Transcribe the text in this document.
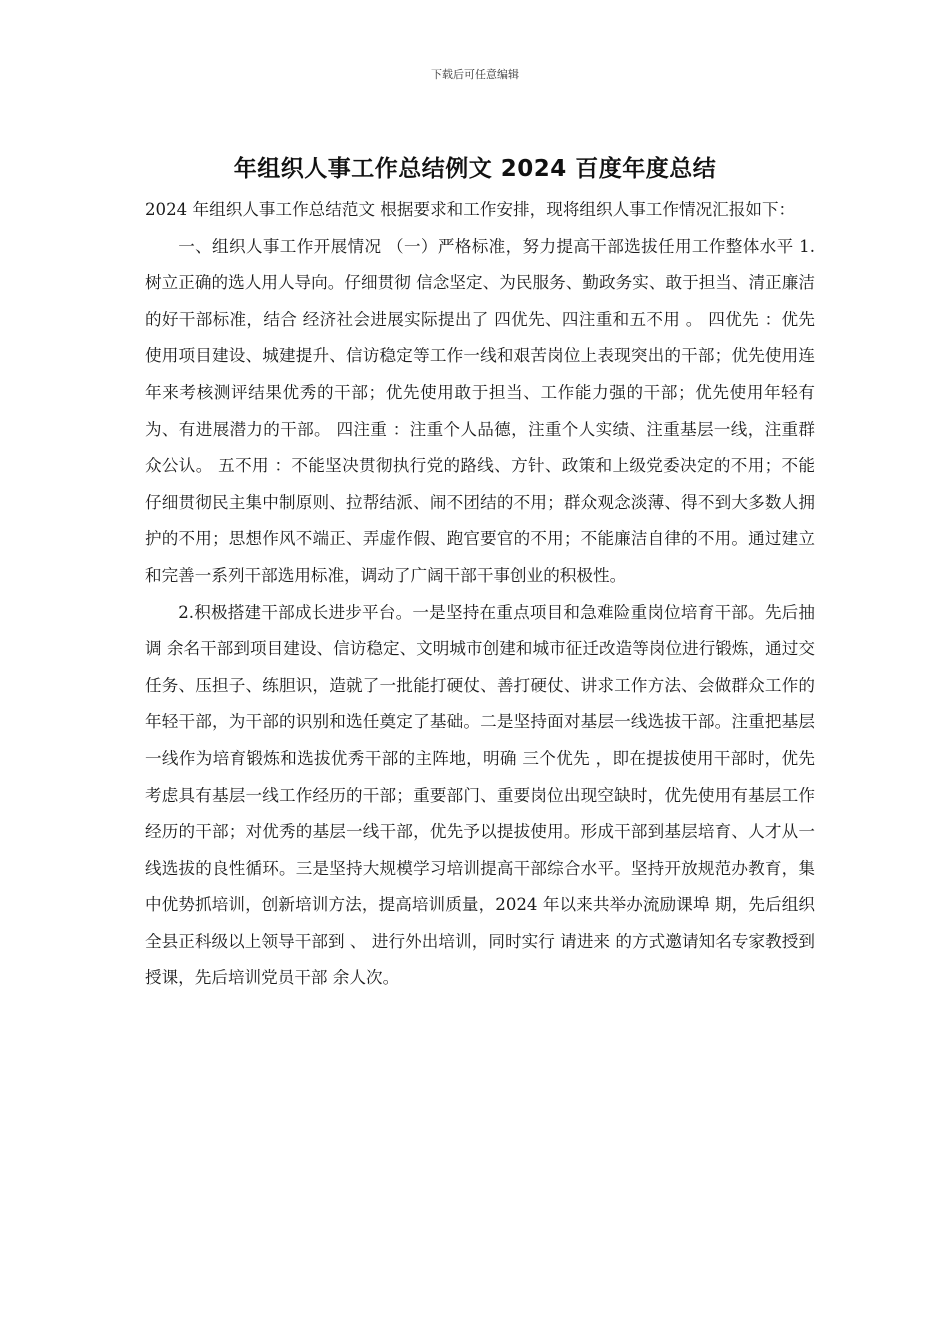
下载后可任意编辑
年组织人事工作总结例文 2024 百度年度总结

2024 年组织人事工作总结范文 根据要求和工作安排，现将组织人事工作情况汇报如下：

一、组织人事工作开展情况 （一）严格标准，努力提高干部选拔任用工作整体水平 1.树立正确的选人用人导向。仔细贯彻 信念坚定、为民服务、勤政务实、敢于担当、清正廉洁 的好干部标准，结合 经济社会进展实际提出了 四优先、四注重和五不用 。 四优先 ：优先使用项目建设、城建提升、信访稳定等工作一线和艰苦岗位上表现突出的干部；优先使用连年来考核测评结果优秀的干部；优先使用敢于担当、工作能力强的干部；优先使用年轻有为、有进展潜力的干部。 四注重 ：注重个人品德，注重个人实绩、注重基层一线，注重群众公认。 五不用 ：不能坚决贯彻执行党的路线、方针、政策和上级党委决定的不用；不能仔细贯彻民主集中制原则、拉帮结派、闹不团结的不用；群众观念淡薄、得不到大多数人拥护的不用；思想作风不端正、弄虚作假、跑官要官的不用；不能廉洁自律的不用。通过建立和完善一系列干部选用标准，调动了广阔干部干事创业的积极性。

2.积极搭建干部成长进步平台。一是坚持在重点项目和急难险重岗位培育干部。先后抽调 余名干部到项目建设、信访稳定、文明城市创建和城市征迁改造等岗位进行锻炼，通过交任务、压担子、练胆识，造就了一批能打硬仗、善打硬仗、讲求工作方法、会做群众工作的年轻干部，为干部的识别和选任奠定了基础。二是坚持面对基层一线选拔干部。注重把基层一线作为培育锻炼和选拔优秀干部的主阵地，明确 三个优先 ，即在提拔使用干部时，优先考虑具有基层一线工作经历的干部；重要部门、重要岗位出现空缺时，优先使用有基层工作经历的干部；对优秀的基层一线干部，优先予以提拔使用。形成干部到基层培育、人才从一线选拔的良性循环。三是坚持大规模学习培训提高干部综合水平。坚持开放规范办教育，集中优势抓培训，创新培训方法，提高培训质量，2024 年以来共举办流励课埠 期，先后组织全县正科级以上领导干部到 、 进行外出培训，同时实行 请进来 的方式邀请知名专家教授到 授课，先后培训党员干部 余人次。
